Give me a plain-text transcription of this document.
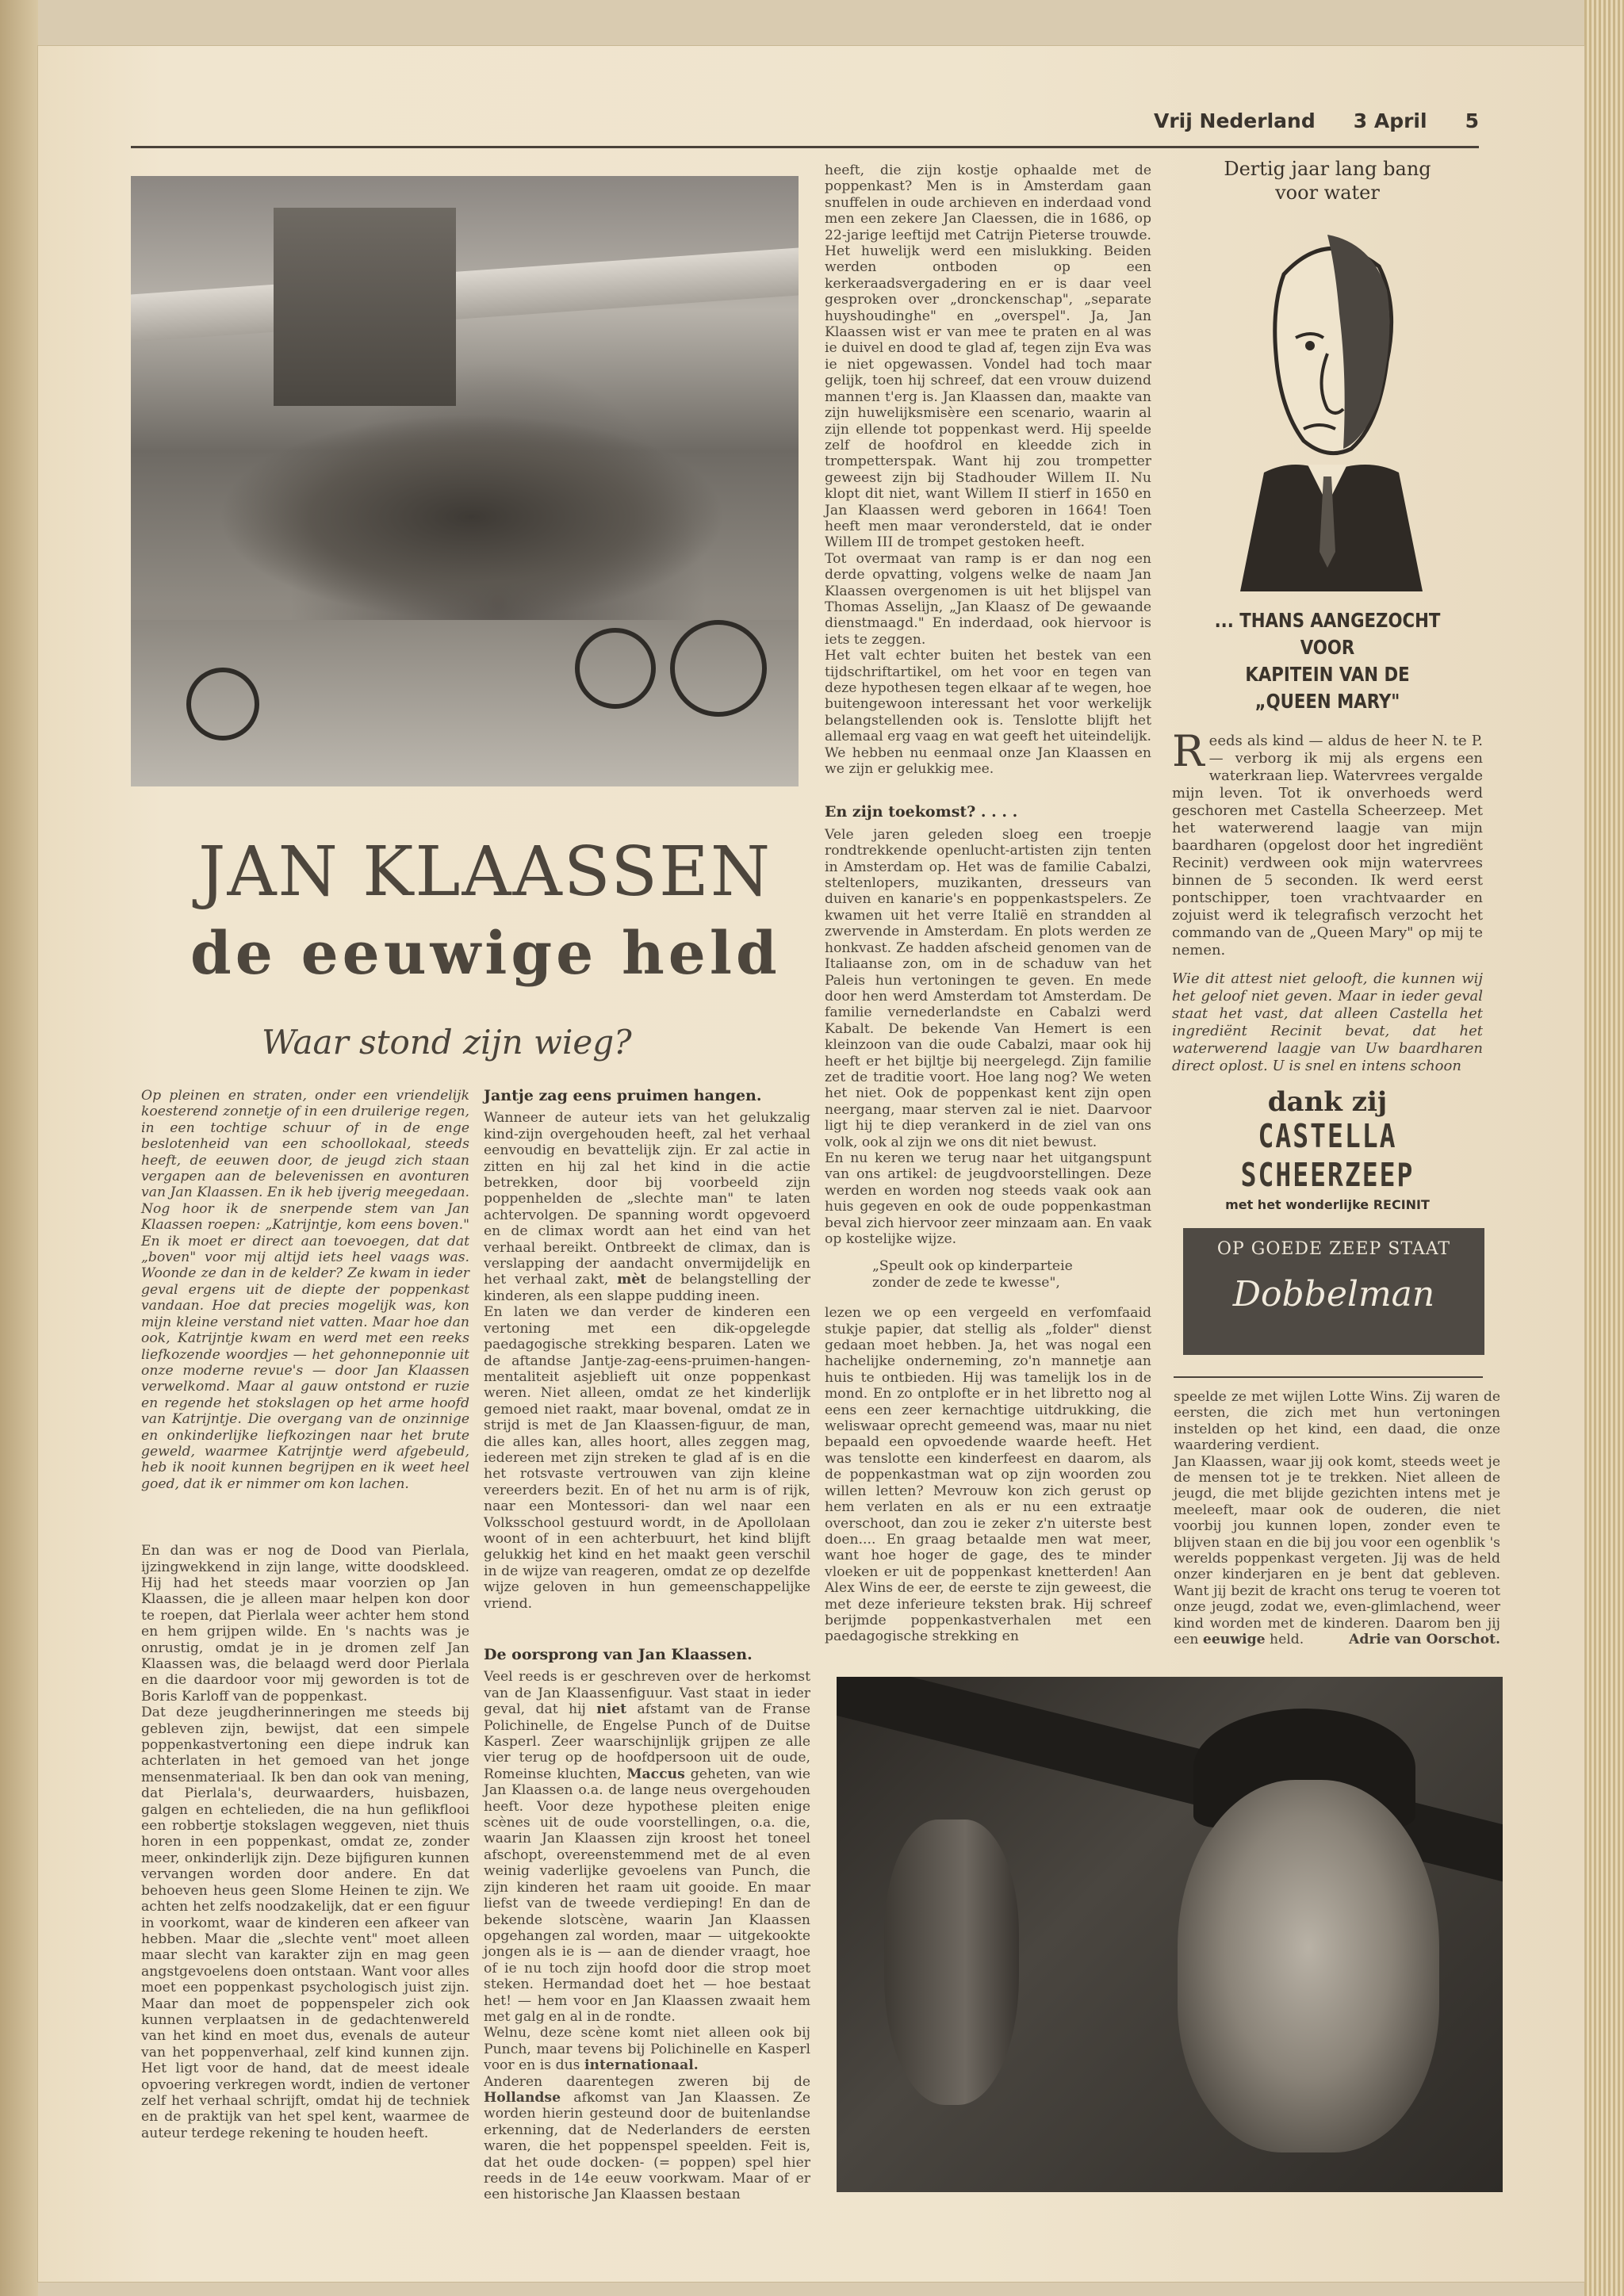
Vrij Nederland 3 April 5
JAN KLAASSEN
de eeuwige held
Waar stond zijn wieg?

Op pleinen en straten, onder een vriendelijk koesterend zonnetje of in een druilerige regen, in een tochtige schuur of in de enge beslotenheid van een schoollokaal, steeds heeft, de eeuwen door, de jeugd zich staan vergapen aan de belevenissen en avonturen van Jan Klaassen. En ik heb ijverig meegedaan. Nog hoor ik de snerpende stem van Jan Klaassen roepen: „Katrijntje, kom eens boven." En ik moet er direct aan toevoegen, dat dat „boven" voor mij altijd iets heel vaags was. Woonde ze dan in de kelder? Ze kwam in ieder geval ergens uit de diepte der poppenkast vandaan. Hoe dat precies mogelijk was, kon mijn kleine verstand niet vatten. Maar hoe dan ook, Katrijntje kwam en werd met een reeks liefkozende woordjes — het gehonneponnie uit onze moderne revue's — door Jan Klaassen verwelkomd. Maar al gauw ontstond er ruzie en regende het stokslagen op het arme hoofd van Katrijntje. Die overgang van de onzinnige en onkinderlijke liefkozingen naar het brute geweld, waarmee Katrijntje werd afgebeuld, heb ik nooit kunnen begrijpen en ik weet heel goed, dat ik er nimmer om kon lachen.

En dan was er nog de Dood van Pierlala, ijzingwekkend in zijn lange, witte doodskleed. Hij had het steeds maar voorzien op Jan Klaassen, die je alleen maar helpen kon door te roepen, dat Pierlala weer achter hem stond en hem grijpen wilde. En 's nachts was je onrustig, omdat je in je dromen zelf Jan Klaassen was, die belaagd werd door Pierlala en die daardoor voor mij geworden is tot de Boris Karloff van de poppenkast.

Dat deze jeugdherinneringen me steeds bij gebleven zijn, bewijst, dat een simpele poppenkastvertoning een diepe indruk kan achterlaten in het gemoed van het jonge mensenmateriaal. Ik ben dan ook van mening, dat Pierlala's, deurwaarders, huisbazen, galgen en echtelieden, die na hun geflikflooi een robbertje stokslagen weggeven, niet thuis horen in een poppenkast, omdat ze, zonder meer, onkinderlijk zijn. Deze bijfiguren kunnen vervangen worden door andere. En dat behoeven heus geen Slome Heinen te zijn. We achten het zelfs noodzakelijk, dat er een figuur in voorkomt, waar de kinderen een afkeer van hebben. Maar die „slechte vent" moet alleen maar slecht van karakter zijn en mag geen angstgevoelens doen ontstaan. Want voor alles moet een poppenkast psychologisch juist zijn. Maar dan moet de poppenspeler zich ook kunnen verplaatsen in de gedachtenwereld van het kind en moet dus, evenals de auteur van het poppenverhaal, zelf kind kunnen zijn. Het ligt voor de hand, dat de meest ideale opvoering verkregen wordt, indien de vertoner zelf het verhaal schrijft, omdat hij de techniek en de praktijk van het spel kent, waarmee de auteur terdege rekening te houden heeft.

Jantje zag eens pruimen hangen.

Wanneer de auteur iets van het gelukzalig kind-zijn overgehouden heeft, zal het verhaal eenvoudig en bevattelijk zijn. Er zal actie in zitten en hij zal het kind in die actie betrekken, door bij voorbeeld zijn poppenhelden de „slechte man" te laten achtervolgen. De spanning wordt opgevoerd en de climax wordt aan het eind van het verhaal bereikt. Ontbreekt de climax, dan is verslapping der aandacht onvermijdelijk en het verhaal zakt, mèt de belangstelling der kinderen, als een slappe pudding ineen.

En laten we dan verder de kinderen een vertoning met een dik-opgelegde paedagogische strekking besparen. Laten we de aftandse Jantje-zag-eens-pruimen-hangen-mentaliteit asjeblieft uit onze poppenkast weren. Niet alleen, omdat ze het kinderlijk gemoed niet raakt, maar bovenal, omdat ze in strijd is met de Jan Klaassen-figuur, de man, die alles kan, alles hoort, alles zeggen mag, iedereen met zijn streken te glad af is en die het rotsvaste vertrouwen van zijn kleine vereerders bezit. En of het nu arm is of rijk, naar een Montessori- dan wel naar een Volksschool gestuurd wordt, in de Apollolaan woont of in een achterbuurt, het kind blijft gelukkig het kind en het maakt geen verschil in de wijze van reageren, omdat ze op dezelfde wijze geloven in hun gemeenschappelijke vriend.

De oorsprong van Jan Klaassen.

Veel reeds is er geschreven over de herkomst van de Jan Klaassenfiguur. Vast staat in ieder geval, dat hij niet afstamt van de Franse Polichinelle, de Engelse Punch of de Duitse Kasperl. Zeer waarschijnlijk grijpen ze alle vier terug op de hoofdpersoon uit de oude, Romeinse kluchten, Maccus geheten, van wie Jan Klaassen o.a. de lange neus overgehouden heeft. Voor deze hypothese pleiten enige scènes uit de oude voorstellingen, o.a. die, waarin Jan Klaassen zijn kroost het toneel afschopt, overeenstemmend met de al even weinig vaderlijke gevoelens van Punch, die zijn kinderen het raam uit gooide. En maar liefst van de tweede verdieping! En dan de bekende slotscène, waarin Jan Klaassen opgehangen zal worden, maar — uitgekookte jongen als ie is — aan de diender vraagt, hoe of ie nu toch zijn hoofd door die strop moet steken. Hermandad doet het — hoe bestaat het! — hem voor en Jan Klaassen zwaait hem met galg en al in de rondte.

Welnu, deze scène komt niet alleen ook bij Punch, maar tevens bij Polichinelle en Kasperl voor en is dus internationaal.

Anderen daarentegen zweren bij de Hollandse afkomst van Jan Klaassen. Ze worden hierin gesteund door de buitenlandse erkenning, dat de Nederlanders de eersten waren, die het poppenspel speelden. Feit is, dat het oude docken- (= poppen) spel hier reeds in de 14e eeuw voorkwam. Maar of er een historische Jan Klaassen bestaan

heeft, die zijn kostje ophaalde met de poppenkast? Men is in Amsterdam gaan snuffelen in oude archieven en inderdaad vond men een zekere Jan Claessen, die in 1686, op 22-jarige leeftijd met Catrijn Pieterse trouwde. Het huwelijk werd een mislukking. Beiden werden ontboden op een kerkeraadsvergadering en er is daar veel gesproken over „dronckenschap", „separate huyshoudinghe" en „overspel". Ja, Jan Klaassen wist er van mee te praten en al was ie duivel en dood te glad af, tegen zijn Eva was ie niet opgewassen. Vondel had toch maar gelijk, toen hij schreef, dat een vrouw duizend mannen t'erg is. Jan Klaassen dan, maakte van zijn huwelijksmisère een scenario, waarin al zijn ellende tot poppenkast werd. Hij speelde zelf de hoofdrol en kleedde zich in trompetterspak. Want hij zou trompetter geweest zijn bij Stadhouder Willem II. Nu klopt dit niet, want Willem II stierf in 1650 en Jan Klaassen werd geboren in 1664! Toen heeft men maar verondersteld, dat ie onder Willem III de trompet gestoken heeft.

Tot overmaat van ramp is er dan nog een derde opvatting, volgens welke de naam Jan Klaassen overgenomen is uit het blijspel van Thomas Asselijn, „Jan Klaasz of De gewaande dienstmaagd." En inderdaad, ook hiervoor is iets te zeggen.

Het valt echter buiten het bestek van een tijdschriftartikel, om het voor en tegen van deze hypothesen tegen elkaar af te wegen, hoe buitengewoon interessant het voor werkelijk belangstellenden ook is. Tenslotte blijft het allemaal erg vaag en wat geeft het uiteindelijk. We hebben nu eenmaal onze Jan Klaassen en we zijn er gelukkig mee.

En zijn toekomst? . . . .

Vele jaren geleden sloeg een troepje rondtrekkende openlucht-artisten zijn tenten in Amsterdam op. Het was de familie Cabalzi, steltenlopers, muzikanten, dresseurs van duiven en kanarie's en poppenkastspelers. Ze kwamen uit het verre Italië en strandden al zwervende in Amsterdam. En plots werden ze honkvast. Ze hadden afscheid genomen van de Italiaanse zon, om in de schaduw van het Paleis hun vertoningen te geven. En mede door hen werd Amsterdam tot Amsterdam. De familie vernederlandste en Cabalzi werd Kabalt. De bekende Van Hemert is een kleinzoon van die oude Cabalzi, maar ook hij heeft er het bijltje bij neergelegd. Zijn familie zet de traditie voort. Hoe lang nog? We weten het niet. Ook de poppenkast kent zijn open neergang, maar sterven zal ie niet. Daarvoor ligt hij te diep verankerd in de ziel van ons volk, ook al zijn we ons dit niet bewust.

En nu keren we terug naar het uitgangspunt van ons artikel: de jeugdvoorstellingen. Deze werden en worden nog steeds vaak ook aan huis gegeven en ook de oude poppenkastman beval zich hiervoor zeer minzaam aan. En vaak op kostelijke wijze.

„Speult ook op kinderparteie
zonder de zede te kwesse",

lezen we op een vergeeld en verfomfaaid stukje papier, dat stellig als „folder" dienst gedaan moet hebben. Ja, het was nogal een hachelijke onderneming, zo'n mannetje aan huis te ontbieden. Hij was tamelijk los in de mond. En zo ontplofte er in het libretto nog al eens een zeer kernachtige uitdrukking, die weliswaar oprecht gemeend was, maar nu niet bepaald een opvoedende waarde heeft. Het was tenslotte een kinderfeest en daarom, als de poppenkastman wat op zijn woorden zou willen letten? Mevrouw kon zich gerust op hem verlaten en als er nu een extraatje overschoot, dan zou ie zeker z'n uiterste best doen.... En graag betaalde men wat meer, want hoe hoger de gage, des te minder vloeken er uit de poppenkast knetterden! Aan Alex Wins de eer, de eerste te zijn geweest, die met deze inferieure teksten brak. Hij schreef berijmde poppenkastverhalen met een paedagogische strekking en

Dertig jaar lang bang
voor water
... THANS AANGEZOCHT VOOR
KAPITEIN VAN DE
„QUEEN MARY"
R eeds als kind — aldus de heer N. te P. — verborg ik mij als ergens een waterkraan liep. Watervrees vergalde mijn leven. Tot ik onverhoeds werd geschoren met Castella Scheerzeep. Met het waterwerend laagje van mijn baardharen (opgelost door het ingrediënt Recinit) verdween ook mijn watervrees binnen de 5 seconden. Ik werd eerst pontschipper, toen vrachtvaarder en zojuist werd ik telegrafisch verzocht het commando van de „Queen Mary" op mij te nemen.
Wie dit attest niet gelooft, die kunnen wij het geloof niet geven. Maar in ieder geval staat het vast, dat alleen Castella het ingrediënt Recinit bevat, dat het waterwerend laagje van Uw baardharen direct oplost. U is snel en intens schoon
dank zij
CASTELLA SCHEERZEEP
met het wonderlijke RECINIT
OP GOEDE ZEEP STAAT
Dobbelman

speelde ze met wijlen Lotte Wins. Zij waren de eersten, die zich met hun vertoningen instelden op het kind, een daad, die onze waardering verdient.

Jan Klaassen, waar jij ook komt, steeds weet je de mensen tot je te trekken. Niet alleen de jeugd, die met blijde gezichten intens met je meeleeft, maar ook de ouderen, die niet voorbij jou kunnen lopen, zonder even te blijven staan en die bij jou voor een ogenblik 's werelds poppenkast vergeten. Jij was de held onzer kinderjaren en je bent dat gebleven. Want jij bezit de kracht ons terug te voeren tot onze jeugd, zodat we, even-glimlachend, weer kind worden met de kinderen. Daarom ben jij een eeuwige held.	Adrie van Oorschot.
